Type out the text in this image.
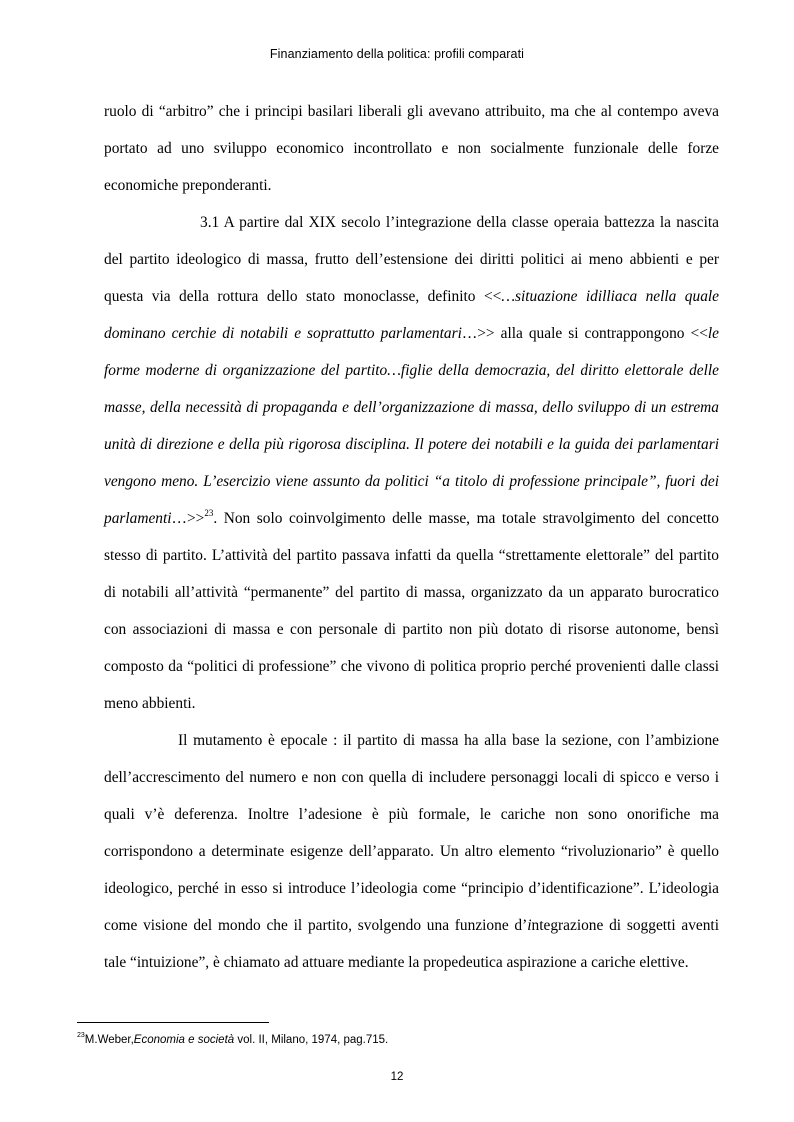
Finanziamento della politica: profili comparati

ruolo di “arbitro” che i principi basilari liberali gli avevano attribuito, ma che al contempo aveva portato ad uno sviluppo economico incontrollato e non socialmente funzionale delle forze economiche preponderanti.

3.1 A partire dal XIX secolo l’integrazione della classe operaia battezza la nascita del partito ideologico di massa, frutto dell’estensione dei diritti politici ai meno abbienti e per questa via della rottura dello stato monoclasse, definito <<…situazione idilliaca nella quale dominano cerchie di notabili e soprattutto parlamentari…>> alla quale si contrappongono <<le forme moderne di organizzazione del partito…figlie della democrazia, del diritto elettorale delle masse, della necessità di propaganda e dell’organizzazione di massa, dello sviluppo di un estrema unità di direzione e della più rigorosa disciplina. Il potere dei notabili e la guida dei parlamentari vengono meno. L’esercizio viene assunto da politici “a titolo di professione principale”, fuori dei parlamenti…>>$^{23}$. Non solo coinvolgimento delle masse, ma totale stravolgimento del concetto stesso di partito. L’attività del partito passava infatti da quella “strettamente elettorale” del partito di notabili all’attività “permanente” del partito di massa, organizzato da un apparato burocratico con associazioni di massa e con personale di partito non più dotato di risorse autonome, bensì composto da “politici di professione” che vivono di politica proprio perché provenienti dalle classi meno abbienti.

Il mutamento è epocale : il partito di massa ha alla base la sezione, con l’ambizione dell’accrescimento del numero e non con quella di includere personaggi locali di spicco e verso i quali v’è deferenza. Inoltre l’adesione è più formale, le cariche non sono onorifiche ma corrispondono a determinate esigenze dell’apparato. Un altro elemento “rivoluzionario” è quello ideologico, perché in esso si introduce l’ideologia come “principio d’identificazione”. L’ideologia come visione del mondo che il partito, svolgendo una funzione d’integrazione di soggetti aventi tale “intuizione”, è chiamato ad attuare mediante la propedeutica aspirazione a cariche elettive.

$^{23}$M.Weber,Economia e società vol. II, Milano, 1974, pag.715.
12
